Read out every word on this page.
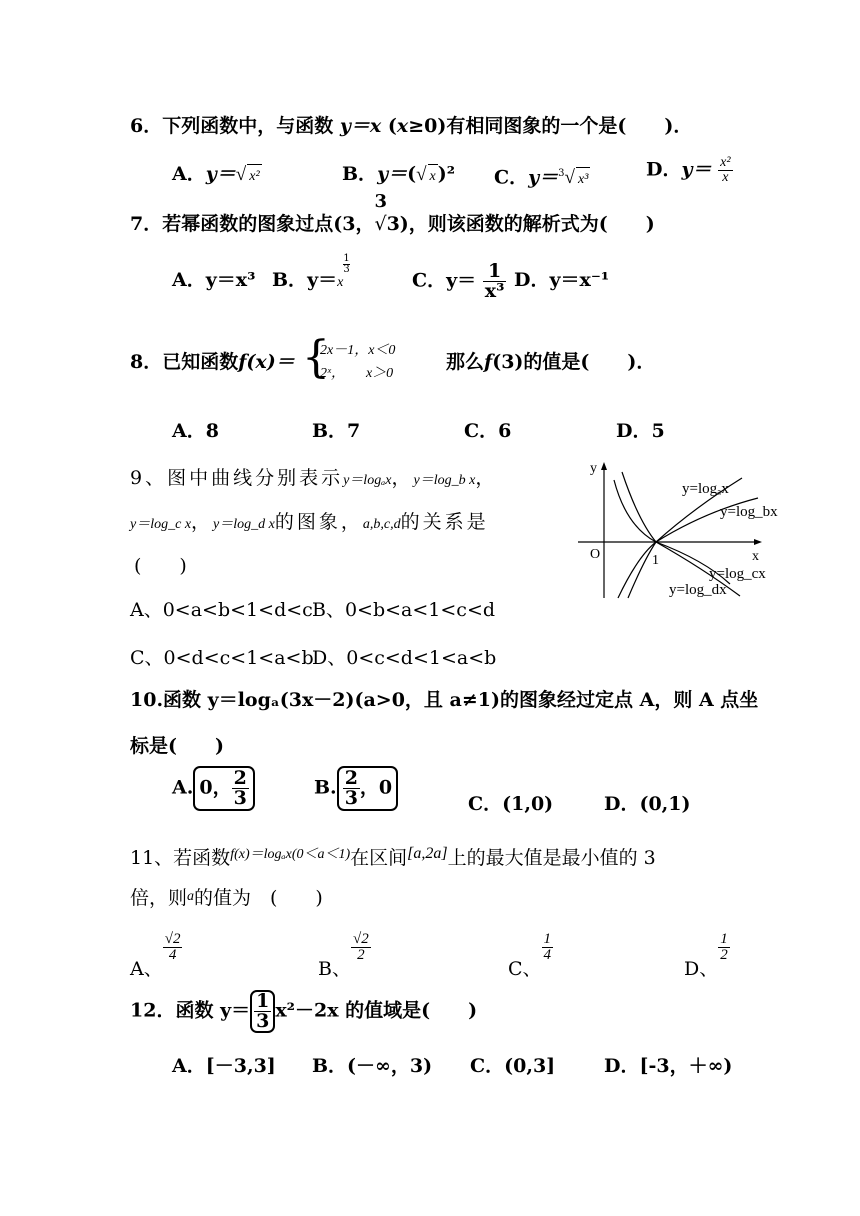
6．下列函数中，与函数 y＝x (x≥0)有相同图象的一个是(　　)．
A．y＝√ x²	B．y＝(√ x )² C．y＝$^3$√ x³	D．$y= \frac{\text{x²}}{x}$
7．若幂函数的图象过点(3，
3
√3)，则该函数的解析式为(　　)
A．y＝x³ B．y＝x
$\frac{1}{3}$
C．$y= \frac{1}{\text{x³}}$ D．y＝x⁻¹
8．已知函数f(x)＝ {
2x－1，x＜0
2ˣ，　　x＞0
那么f(3)的值是(　　)．
A．8	B．7	C．6	D．5
9、图中曲线分别表示y＝logₐx，y＝log_b x，
y＝log_c x，y＝log_d x的图象，a,b,c,d的关系是
(　　)
A、0<a<b<1<d<c B、0<b<a<1<c<d
C、0<d<c<1<a<b
D、0<c<d<1<a<b
y
x
O	1
y=logₐx
y=log_bx
y=log_cx
y=log_dx
10.函数 y＝logₐ(3x－2)(a>0，且 a≠1)的图象经过定点 A，则 A 点坐
标是(　　)
A. 0， $\frac{2}{3}$	B. $\frac{2}{3}$ ，0
C．(1,0)	D．(0,1)
11、若函数$^{f(x)=log_ax(0<a<1)}$在区间[a,2a]上的最大值是最小值的 3
倍，则$^a$的值为　(　　)
A、
$\frac{√2}{4}$
B、
$\frac{√2}{2}$
C、
$\frac{1}{4}$
D、
$\frac{1}{2}$
12．函数 $y= \frac{1}{3} x^2-2x$ 的值域是(　　)
A．[－3,3] B．(－∞，3) C．(0,3]	D．[-3，＋∞)
